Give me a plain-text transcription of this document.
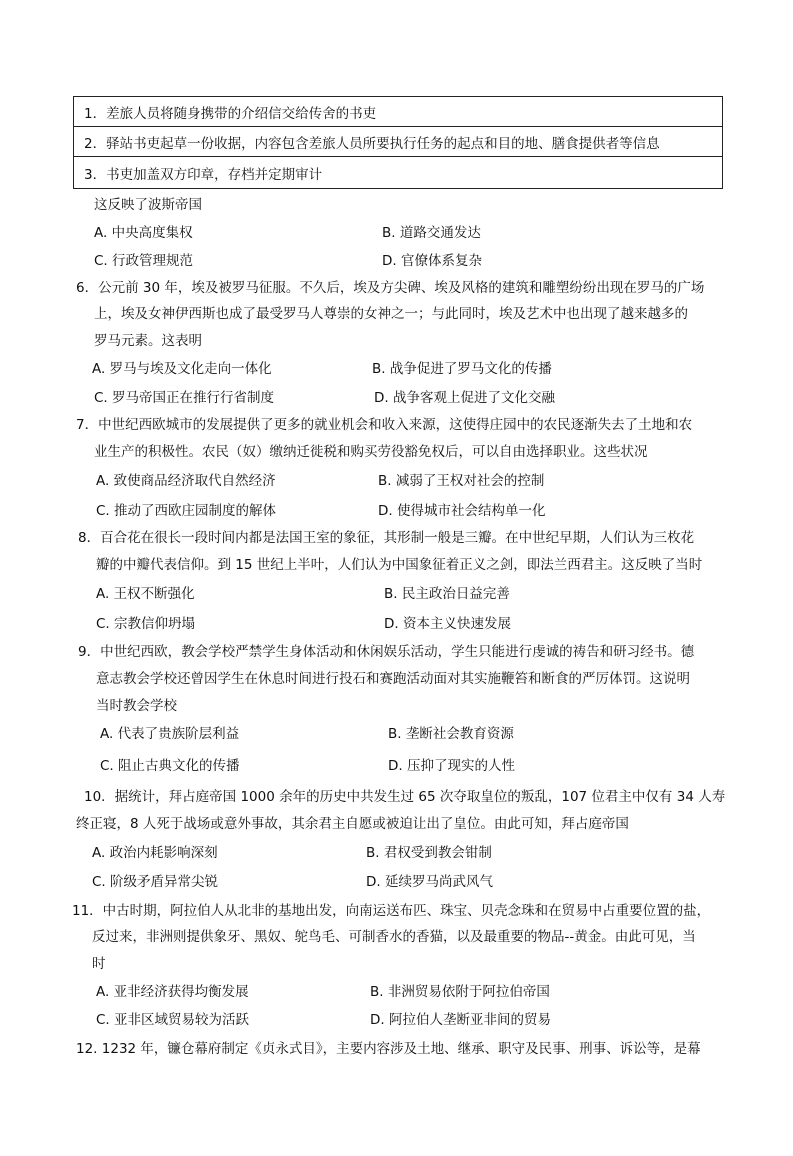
1．差旅人员将随身携带的介绍信交给传舍的书吏
2．驿站书吏起草一份收据，内容包含差旅人员所要执行任务的起点和目的地、膳食提供者等信息
3．书吏加盖双方印章，存档并定期审计
这反映了波斯帝国
A. 中央高度集权	B. 道路交通发达
C. 行政管理规范	D. 官僚体系复杂
6．公元前 30 年，埃及被罗马征服。不久后，埃及方尖碑、埃及风格的建筑和雕塑纷纷出现在罗马的广场
上，埃及女神伊西斯也成了最受罗马人尊崇的女神之一；与此同时，埃及艺术中也出现了越来越多的
罗马元素。这表明
A. 罗马与埃及文化走向一体化	B. 战争促进了罗马文化的传播
C. 罗马帝国正在推行行省制度	D. 战争客观上促进了文化交融
7．中世纪西欧城市的发展提供了更多的就业机会和收入来源，这使得庄园中的农民逐渐失去了土地和农
业生产的积极性。农民（奴）缴纳迁徙税和购买劳役豁免权后，可以自由选择职业。这些状况
A. 致使商品经济取代自然经济	B. 减弱了王权对社会的控制
C. 推动了西欧庄园制度的解体	D. 使得城市社会结构单一化
8．百合花在很长一段时间内都是法国王室的象征，其形制一般是三瓣。在中世纪早期，人们认为三枚花
瓣的中瓣代表信仰。到 15 世纪上半叶，人们认为中国象征着正义之剑，即法兰西君主。这反映了当时
A. 王权不断强化	B. 民主政治日益完善
C. 宗教信仰坍塌	D. 资本主义快速发展
9．中世纪西欧，教会学校严禁学生身体活动和休闲娱乐活动，学生只能进行虔诚的祷告和研习经书。德
意志教会学校还曾因学生在休息时间进行投石和赛跑活动面对其实施鞭笞和断食的严厉体罚。这说明
当时教会学校
A. 代表了贵族阶层利益	B. 垄断社会教育资源
C. 阻止古典文化的传播	D. 压抑了现实的人性
10．据统计，拜占庭帝国 1000 余年的历史中共发生过 65 次夺取皇位的叛乱，107 位君主中仅有 34 人寿
终正寝，8 人死于战场或意外事故，其余君主自愿或被迫让出了皇位。由此可知，拜占庭帝国
A. 政治内耗影响深刻	B. 君权受到教会钳制
C. 阶级矛盾异常尖锐	D. 延续罗马尚武风气
11．中古时期，阿拉伯人从北非的基地出发，向南运送布匹、珠宝、贝壳念珠和在贸易中占重要位置的盐，
反过来，非洲则提供象牙、黑奴、鸵鸟毛、可制香水的香猫，以及最重要的物品--黄金。由此可见，当
时
A. 亚非经济获得均衡发展	B. 非洲贸易依附于阿拉伯帝国
C. 亚非区域贸易较为活跃	D. 阿拉伯人垄断亚非间的贸易
12. 1232 年，镰仓幕府制定《贞永式目》，主要内容涉及土地、继承、职守及民事、刑事、诉讼等，是幕
